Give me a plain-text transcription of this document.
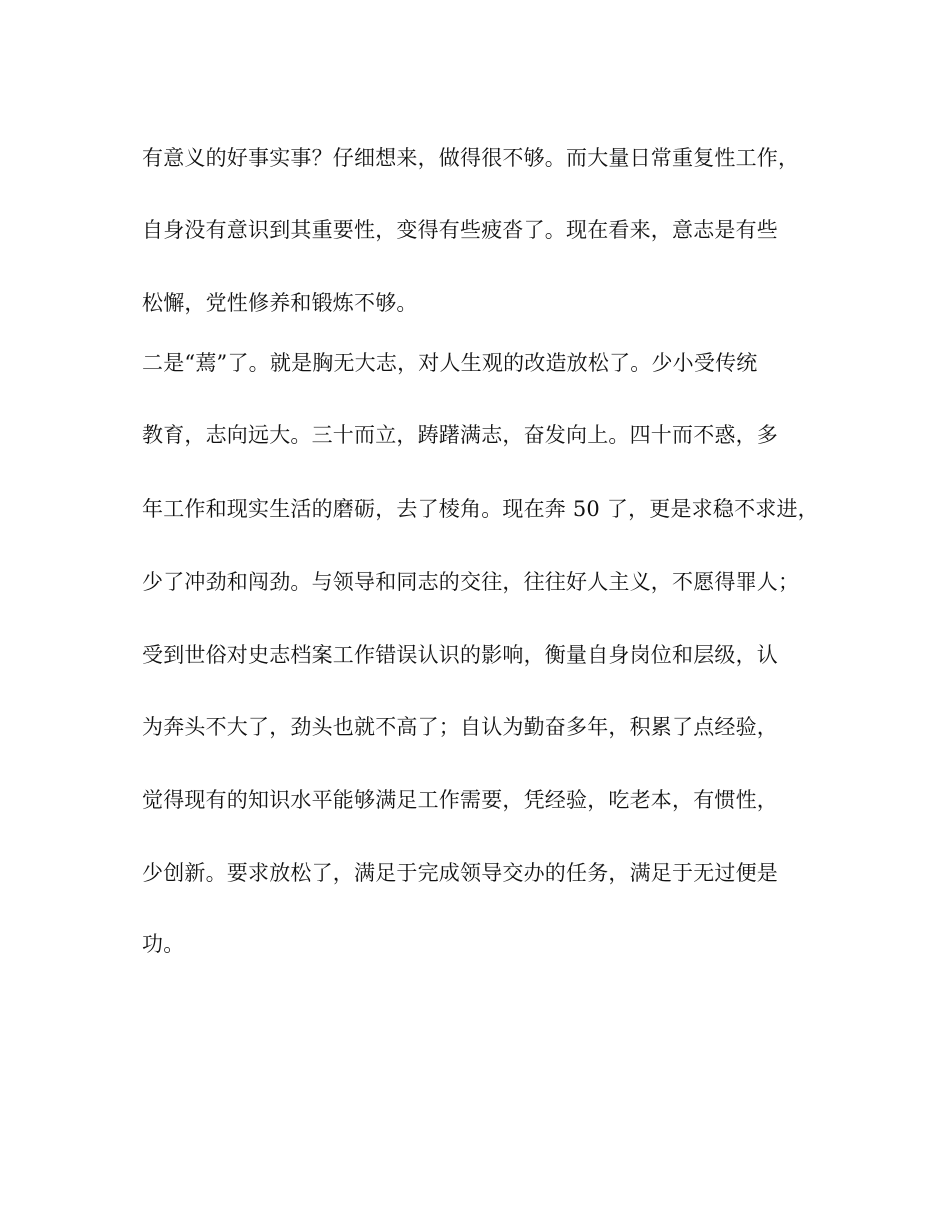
有意义的好事实事？仔细想来，做得很不够。而大量日常重复性工作，
自身没有意识到其重要性，变得有些疲沓了。现在看来，意志是有些
松懈，党性修养和锻炼不够。
二是“蔫”了。就是胸无大志，对人生观的改造放松了。少小受传统
教育，志向远大。三十而立，踌躇满志，奋发向上。四十而不惑，多
年工作和现实生活的磨砺，去了棱角。现在奔 50 了，更是求稳不求进，
少了冲劲和闯劲。与领导和同志的交往，往往好人主义，不愿得罪人；
受到世俗对史志档案工作错误认识的影响，衡量自身岗位和层级，认
为奔头不大了，劲头也就不高了；自认为勤奋多年，积累了点经验，
觉得现有的知识水平能够满足工作需要，凭经验，吃老本，有惯性，
少创新。要求放松了，满足于完成领导交办的任务，满足于无过便是
功。
